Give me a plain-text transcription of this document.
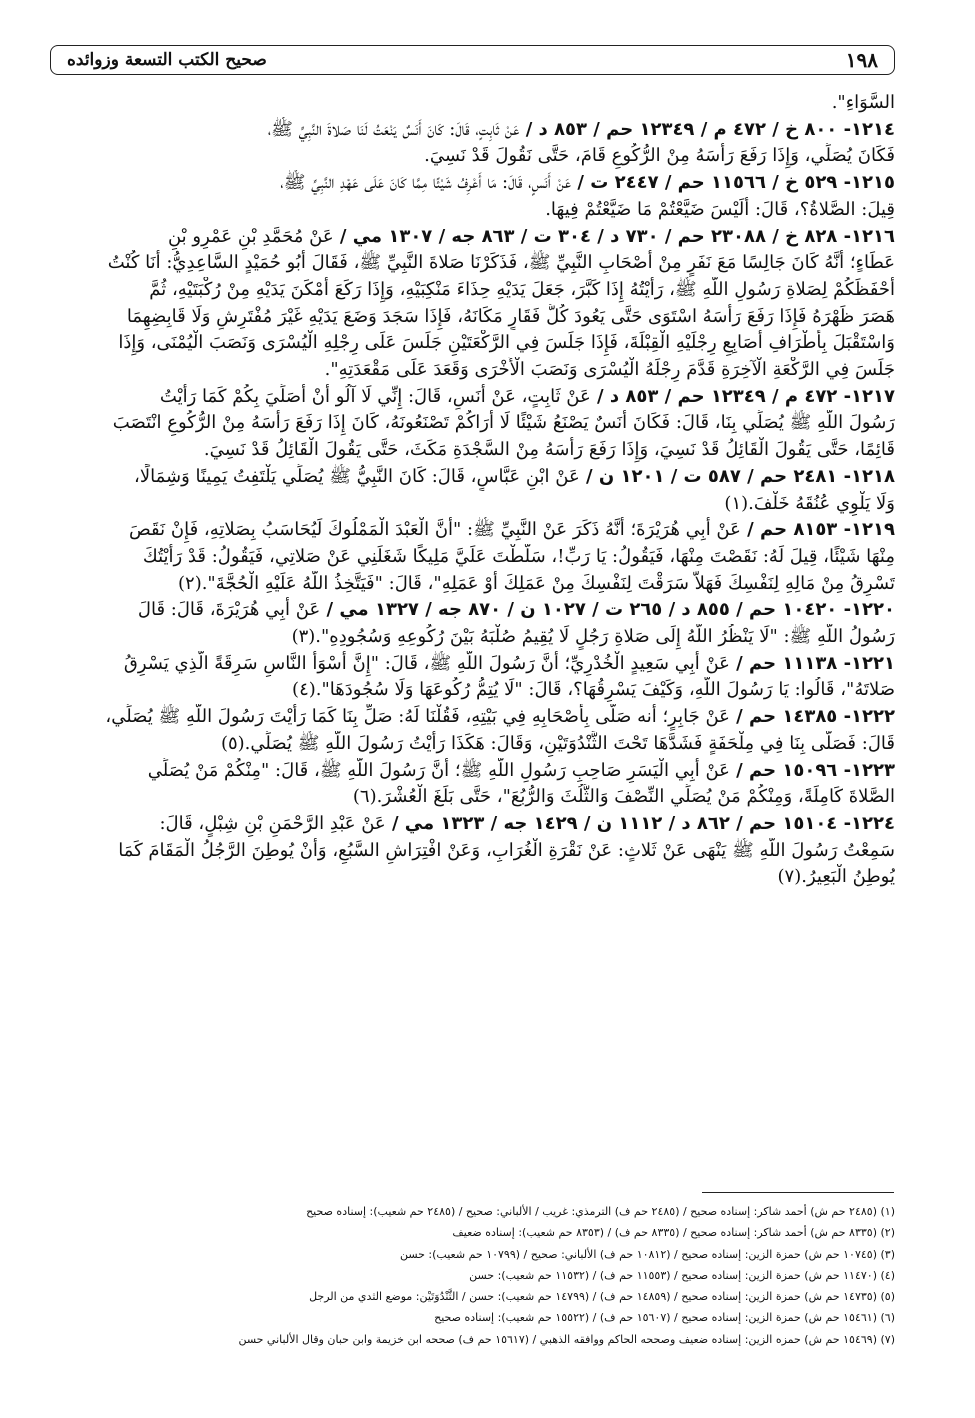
١٩٨
صحيح الكتب التسعة وزوائده
السَّوَاءِ".
١٢١٤- ٨٠٠ خ / ٤٧٢ م / ١٢٣٤٩ حم / ٨٥٣ د / عَنْ ثَابِتٍ، قَالَ: كَانَ أَنَسٌ يَنْعَتُ لَنَا صَلاةَ النَّبِيِّ ﷺ،
فَكَانَ يُصَلِّي، وَإِذَا رَفَعَ رَأْسَهُ مِنْ الرُّكُوعِ قَامَ، حَتَّى نَقُولَ قَدْ نَسِيَ.
١٢١٥- ٥٢٩ خ / ١١٥٦٦ حم / ٢٤٤٧ ت / عَنْ أَنَسٍ، قَالَ: مَا أَعْرِفُ شَيْئًا مِمَّا كَانَ عَلَى عَهْدِ النَّبِيِّ ﷺ،
قِيلَ: الصَّلاةُ؟، قَالَ: أَلَيْسَ ضَيَّعْتُمْ مَا ضَيَّعْتُمْ فِيهَا.
١٢١٦- ٨٢٨ خ / ٢٣٠٨٨ حم / ٧٣٠ د / ٣٠٤ ت / ٨٦٣ جه / ١٣٠٧ مي / عَنْ مُحَمَّدِ بْنِ عَمْرِو بْنِ
عَطَاءٍ؛ أَنَّهُ كَانَ جَالِسًا مَعَ نَفَرٍ مِنْ أَصْحَابِ النَّبِيِّ ﷺ، فَذَكَرْنَا صَلاةَ النَّبِيِّ ﷺ، فَقَالَ أَبُو حُمَيْدٍ السَّاعِدِيُّ: أَنَا كُنْتُ
أَحْفَظَكُمْ لِصَلاةِ رَسُولِ اللَّهِ ﷺ، رَأَيْتُهُ إِذَا كَبَّرَ، جَعَلَ يَدَيْهِ حِذَاءَ مَنْكِبَيْهِ، وَإِذَا رَكَعَ أَمْكَنَ يَدَيْهِ مِنْ رُكْبَتَيْهِ، ثُمَّ
هَصَرَ ظَهْرَهُ فَإِذَا رَفَعَ رَأْسَهُ اسْتَوَى حَتَّى يَعُودَ كُلُّ فَقَارٍ مَكَانَهُ، فَإِذَا سَجَدَ وَضَعَ يَدَيْهِ غَيْرَ مُفْتَرِشٍ وَلَا قَابِضِهِمَا
وَاسْتَقْبَلَ بِأَطْرَافِ أَصَابِعِ رِجْلَيْهِ الْقِبْلَةَ، فَإِذَا جَلَسَ فِي الرَّكْعَتَيْنِ جَلَسَ عَلَى رِجْلِهِ الْيُسْرَى وَنَصَبَ الْيُمْنَى، وَإِذَا
جَلَسَ فِي الرَّكْعَةِ الْآخِرَةِ قَدَّمَ رِجْلَهُ الْيُسْرَى وَنَصَبَ الْأُخْرَى وَقَعَدَ عَلَى مَقْعَدَتِهِ".
١٢١٧- ٤٧٢ م / ١٢٣٤٩ حم / ٨٥٣ د / عَنْ ثَابِتٍ، عَنْ أَنَسٍ، قَالَ: إِنِّي لَا آلُو أَنْ أُصَلِّيَ بِكُمْ كَمَا رَأَيْتُ
رَسُولَ اللَّهِ ﷺ يُصَلِّي بِنَا، قَالَ: فَكَانَ أَنَسٌ يَصْنَعُ شَيْئًا لَا أَرَاكُمْ تَصْنَعُونَهُ، كَانَ إِذَا رَفَعَ رَأْسَهُ مِنْ الرُّكُوعِ انْتَصَبَ
قَائِمًا، حَتَّى يَقُولَ الْقَائِلُ قَدْ نَسِيَ، وَإِذَا رَفَعَ رَأْسَهُ مِنْ السَّجْدَةِ مَكَثَ، حَتَّى يَقُولَ الْقَائِلُ قَدْ نَسِيَ.
١٢١٨- ٢٤٨١ حم / ٥٨٧ ت / ١٢٠١ ن / عَنْ ابْنِ عَبَّاسٍ، قَالَ: كَانَ النَّبِيُّ ﷺ يُصَلِّي يَلْتَفِتُ يَمِينًا وَشِمَالًا،
وَلَا يَلْوِي عُنُقَهُ خَلْفَ.(١)
١٢١٩- ٨١٥٣ حم / عَنْ أَبِي هُرَيْرَةَ؛ أَنَّهُ ذَكَرَ عَنْ النَّبِيِّ ﷺ: "أَنَّ الْعَبْدَ الْمَمْلُوكَ لَيُحَاسَبُ بِصَلاتِهِ، فَإِنْ نَقَصَ
مِنْهَا شَيْئًا، قِيلَ لَهُ: نَقَصْتَ مِنْهَا، فَيَقُولُ: يَا رَبِّ!، سَلَّطْتَ عَلَيَّ مَلِيكًا شَغَلَنِي عَنْ صَلاتِي، فَيَقُولُ: قَدْ رَأَيْتُكَ
تَسْرِقُ مِنْ مَالِهِ لِنَفْسِكَ فَهَلاَّ سَرَقْتَ لِنَفْسِكَ مِنْ عَمَلِكَ أَوْ عَمَلِهِ"، قَالَ: "فَيَتَّخِذُ اللَّهُ عَلَيْهِ الْحُجَّةَ".(٢)
١٢٢٠- ١٠٤٢٠ حم / ٨٥٥ د / ٢٦٥ ت / ١٠٢٧ ن / ٨٧٠ جه / ١٣٢٧ مي / عَنْ أَبِي هُرَيْرَةَ، قَالَ: قَالَ
رَسُولُ اللَّهِ ﷺ: "لَا يَنْظُرُ اللَّهُ إِلَى صَلاةِ رَجُلٍ لَا يُقِيمُ صُلْبَهُ بَيْنَ رُكُوعِهِ وَسُجُودِهِ".(٣)
١٢٢١- ١١١٣٨ حم / عَنْ أَبِي سَعِيدٍ الْخُدْرِيِّ؛ أَنَّ رَسُولَ اللَّهِ ﷺ، قَالَ: "إِنَّ أَسْوَأَ النَّاسِ سَرِقَةً الَّذِي يَسْرِقُ
صَلاتَهُ"، قَالُوا: يَا رَسُولَ اللَّهِ، وَكَيْفَ يَسْرِقُهَا؟، قَالَ: "لَا يُتِمُّ رُكُوعَهَا وَلَا سُجُودَهَا".(٤)
١٢٢٢- ١٤٣٨٥ حم / عَنْ جَابِرٍ؛ أنه صَلَّى بِأَصْحَابِهِ فِي بَيْتِهِ، فَقُلْنَا لَهُ: صَلِّ بِنَا كَمَا رَأَيْتَ رَسُولَ اللَّهِ ﷺ يُصَلِّي،
قَالَ: فَصَلَّى بِنَا فِي مِلْحَفَةٍ فَشَدَّهَا تَحْتَ الثَّنْدُوَتَيْنِ، وَقَالَ: هَكَذَا رَأَيْتُ رَسُولَ اللَّهِ ﷺ يُصَلِّي.(٥)
١٢٢٣- ١٥٠٩٦ حم / عَنْ أَبِي الْيَسَرِ صَاحِبِ رَسُولِ اللَّهِ ﷺ؛ أَنَّ رَسُولَ اللَّهِ ﷺ، قَالَ: "مِنْكُمْ مَنْ يُصَلِّي
الصَّلاةَ كَامِلَةً، وَمِنْكُمْ مَنْ يُصَلِّي النِّصْفَ وَالثُّلُثَ وَالرُّبُعَ"، حَتَّى بَلَغَ الْعُشْرَ.(٦)
١٢٢٤- ١٥١٠٤ حم / ٨٦٢ د / ١١١٢ ن / ١٤٢٩ جه / ١٣٢٣ مي / عَنْ عَبْدِ الرَّحْمَنِ بْنِ شِبْلٍ، قَالَ:
سَمِعْتُ رَسُولَ اللَّهِ ﷺ يَنْهَى عَنْ ثَلاثٍ: عَنْ نَقْرَةِ الْغُرَابِ، وَعَنْ افْتِرَاشِ السَّبُعِ، وَأَنْ يُوطِنَ الرَّجُلُ الْمَقَامَ كَمَا
يُوطِنُ الْبَعِيرُ.(٧)
(١) (٢٤٨٥ حم ش) أحمد شاكر: إسناده صحيح / (٢٤٨٥ حم ف) الترمذي: غريب / الألباني: صحيح / (٢٤٨٥ حم شعيب): إسناده صحيح
(٢) (٨٣٣٥ حم ش) أحمد شاكر: إسناده صحيح / (٨٣٣٥ حم ف) / (٨٣٥٣ حم شعيب): إسناده ضعيف
(٣) (١٠٧٤٥ حم ش) حمزة الزين: إسناده صحيح / (١٠٨١٢ حم ف) الألباني: صحيح / (١٠٧٩٩ حم شعيب): حسن
(٤) (١١٤٧٠ حم ش) حمزة الزين: إسناده صحيح / (١١٥٥٣ حم ف) / (١١٥٣٢ حم شعيب): حسن
(٥) (١٤٧٣٥ حم ش) حمزة الزين: إسناده صحيح / (١٤٨٥٩ حم ف) / (١٤٧٩٩ حم شعيب): حسن / الثَّنْدُوَتَيْن: موضع الثدي من الرجل
(٦) (١٥٤٦١ حم ش) حمزة الزين: إسناده صحيح / (١٥٦٠٧ حم ف) / (١٥٥٢٢ حم شعيب): إسناده صحيح
(٧) (١٥٤٦٩ حم ش) حمزه الزين: إسناده ضعيف وصححه الحاكم ووافقه الذهبي / (١٥٦١٧ حم ف) صححه ابن خزيمة وابن حبان وقال الألباني حسن
